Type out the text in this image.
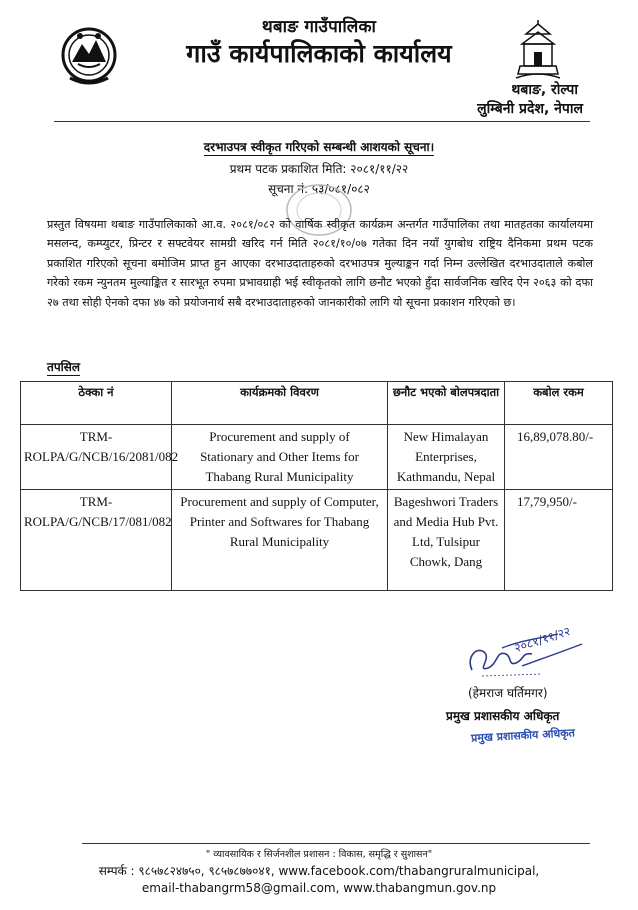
थबाङ गाउँपालिका
गाउँ कार्यपालिकाको कार्यालय
थबाङ, रोल्पा
लुम्बिनी प्रदेश, नेपाल
दरभाउपत्र स्वीकृत गरिएको सम्बन्धी आशयको सूचना।
प्रथम पटक प्रकाशित मिति: २०८१/११/२२
सूचना नं: ५३/०८१/०८२
प्रस्तुत विषयमा थबाङ गाउँपालिकाको आ.व. २०८१/०८२ को वार्षिक स्वीकृत कार्यक्रम अन्तर्गत गाउँपालिका तथा मातहतका कार्यालयमा मसलन्द, कम्प्युटर, प्रिन्टर र सफ्टवेयर सामग्री खरिद गर्न मिति २०८१/१०/०७ गतेका दिन नयाँ युगबोध राष्ट्रिय दैनिकमा प्रथम पटक प्रकाशित गरिएको सूचना बमोजिम प्राप्त हुन आएका दरभाउदाताहरुको दरभाउपत्र मुल्याङ्कन गर्दा निम्न उल्लेखित दरभाउदाताले कबोल गरेको रकम न्युनतम मुल्याङ्कित र सारभूत रुपमा प्रभावग्राही भई स्वीकृतको लागि छनौट भएको हुँदा सार्वजनिक खरिद ऐन २०६३ को दफा २७ तथा सोही ऐनको दफा ४७ को प्रयोजनार्थ सबै दरभाउदाताहरुको जानकारीको लागि यो सूचना प्रकाशन गरिएको छ।
तपसिल
ठेक्का नं	कार्यक्रमको विवरण	छनौट भएको बोलपत्रदाता	कबोल रकम
TRM-ROLPA/G/NCB/16/2081/082	Procurement and supply of Stationary and Other Items for Thabang Rural Municipality	New Himalayan Enterprises, Kathmandu, Nepal	16,89,078.80/-
TRM-ROLPA/G/NCB/17/081/082	Procurement and supply of Computer, Printer and Softwares for Thabang Rural Municipality	Bageshwori Traders and Media Hub Pvt. Ltd, Tulsipur Chowk, Dang	17,79,950/-
२०८१/११/२२
(हेमराज घर्तिमगर)
प्रमुख प्रशासकीय अधिकृत
प्रमुख प्रशासकीय अधिकृत
" व्यावसायिक र सिर्जनशील प्रशासन : विकास, समृद्धि र सुशासन"
सम्पर्क : ९८५७८२४७५०, ९८५७८७७०४१, www.facebook.com/thabangruralmunicipal,
email-thabangrm58@gmail.com, www.thabangmun.gov.np
